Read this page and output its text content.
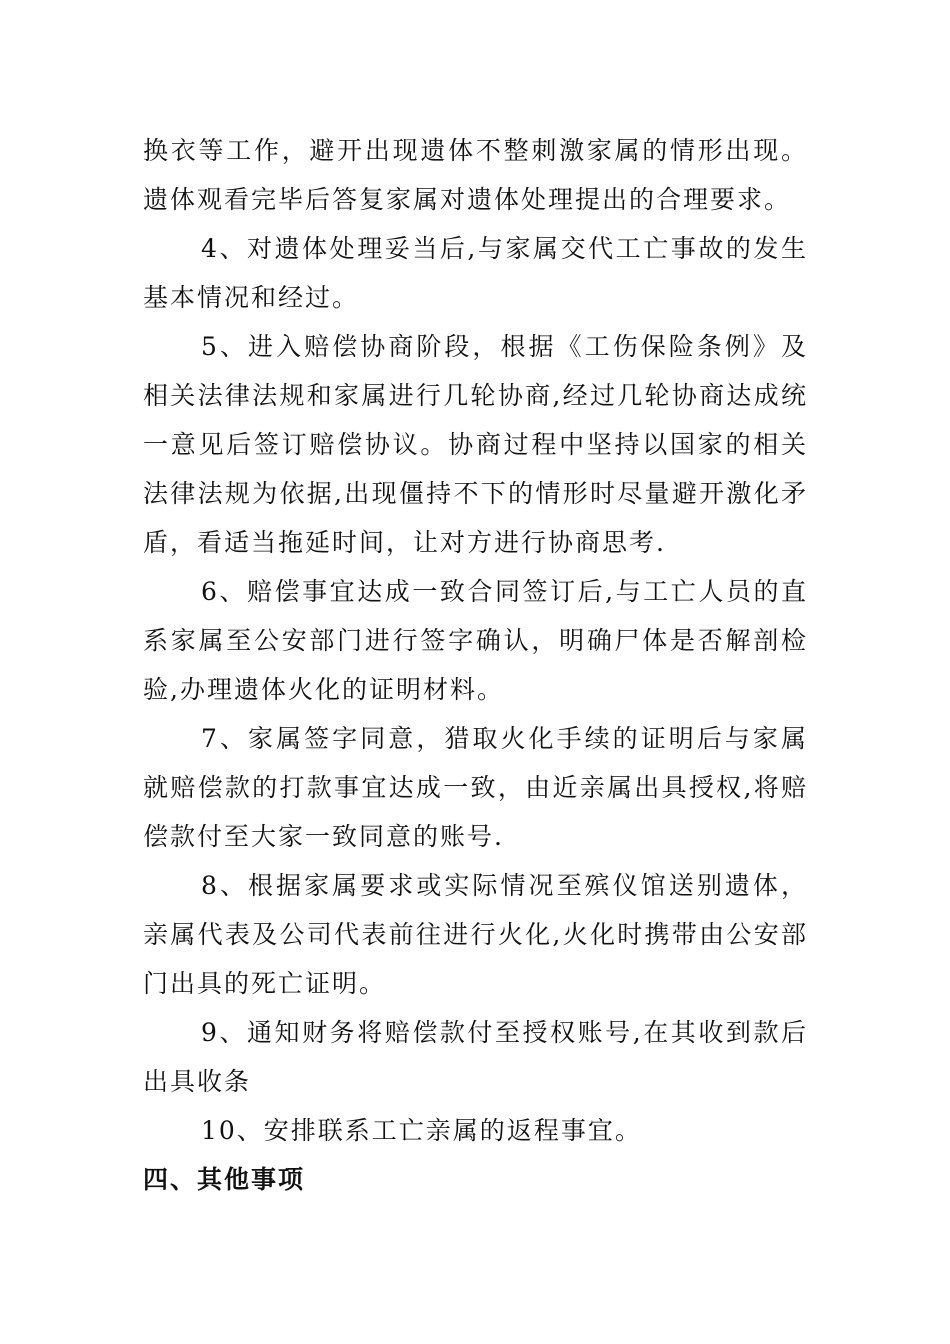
换衣等工作，避开出现遗体不整刺激家属的情形出现。遗体观看完毕后答复家属对遗体处理提出的合理要求。

4、对遗体处理妥当后,与家属交代工亡事故的发生基本情况和经过。

5、进入赔偿协商阶段，根据《工伤保险条例》及相关法律法规和家属进行几轮协商,经过几轮协商达成统一意见后签订赔偿协议。协商过程中坚持以国家的相关法律法规为依据,出现僵持不下的情形时尽量避开激化矛盾，看适当拖延时间，让对方进行协商思考.

6、赔偿事宜达成一致合同签订后,与工亡人员的直系家属至公安部门进行签字确认，明确尸体是否解剖检验,办理遗体火化的证明材料。

7、家属签字同意，猎取火化手续的证明后与家属就赔偿款的打款事宜达成一致，由近亲属出具授权,将赔偿款付至大家一致同意的账号.

8、根据家属要求或实际情况至殡仪馆送别遗体，亲属代表及公司代表前往进行火化,火化时携带由公安部门出具的死亡证明。

9、通知财务将赔偿款付至授权账号,在其收到款后出具收条

10、安排联系工亡亲属的返程事宜。

四、其他事项
